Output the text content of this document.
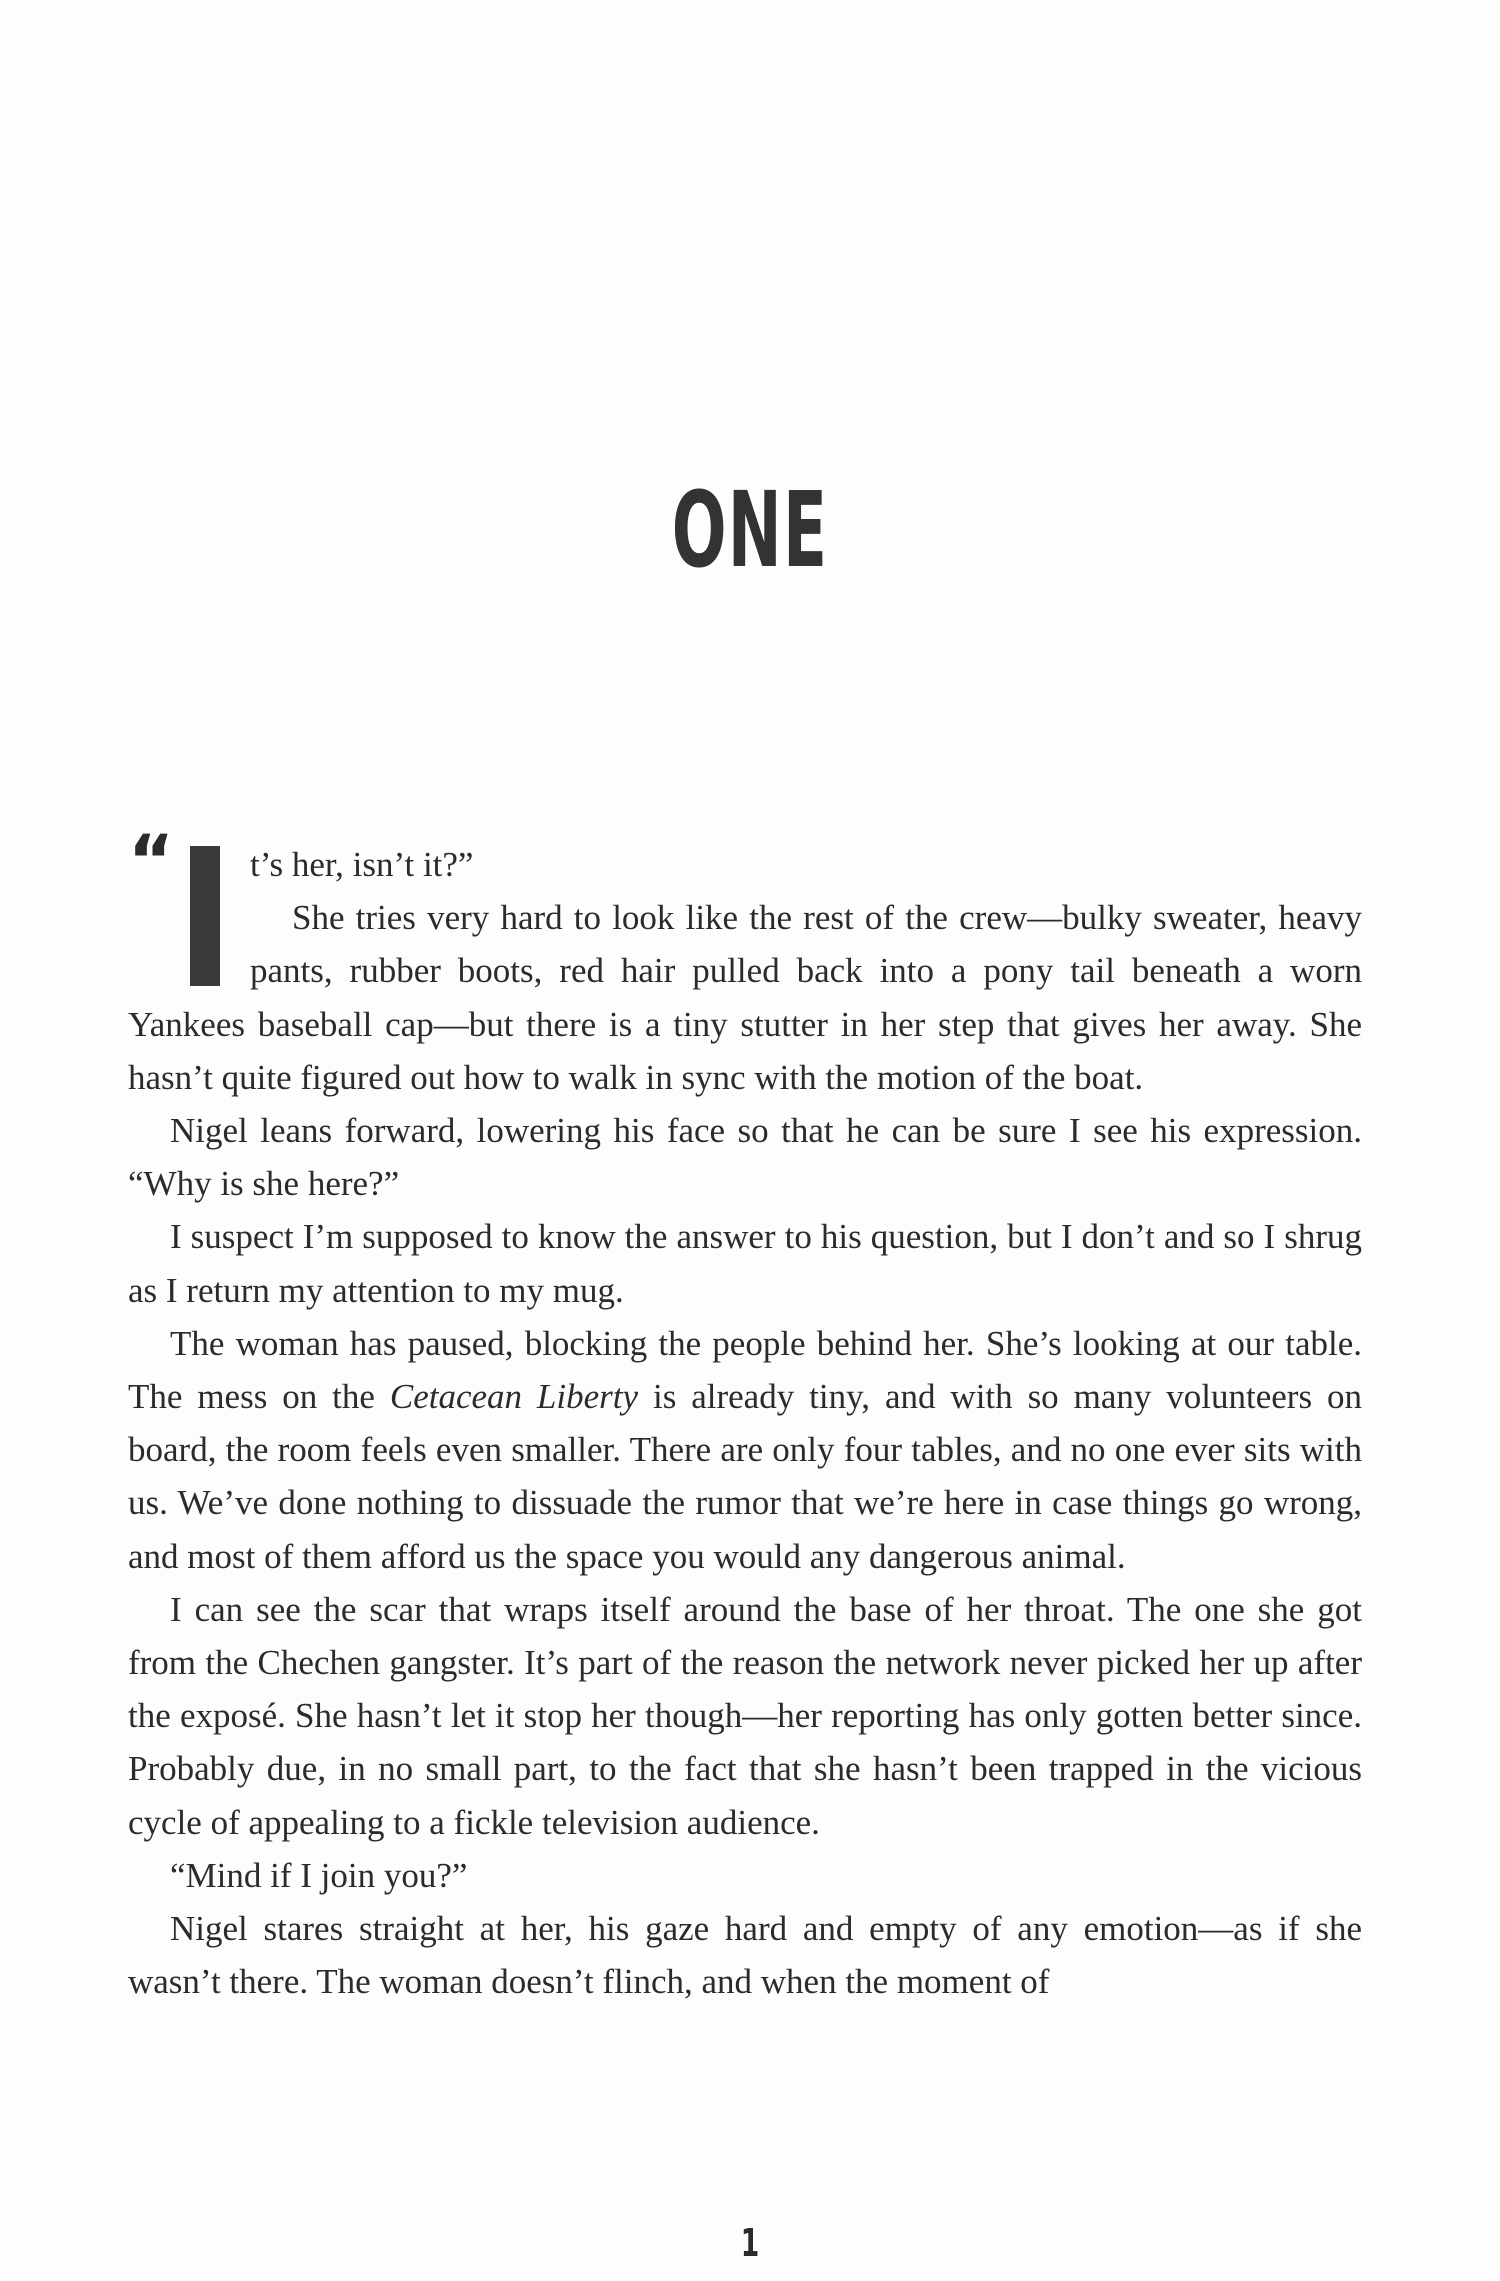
ONE

“ t’s her, isn’t it?”

She tries very hard to look like the rest of the crew—bulky sweater, heavy pants, rubber boots, red hair pulled back into a pony tail beneath a worn Yankees baseball cap—but there is a tiny stutter in her step that gives her away. She hasn’t quite figured out how to walk in sync with the motion of the boat.

Nigel leans forward, lowering his face so that he can be sure I see his expression. “Why is she here?”

I suspect I’m supposed to know the answer to his question, but I don’t and so I shrug as I return my attention to my mug.

The woman has paused, blocking the people behind her. She’s looking at our table. The mess on the Cetacean Liberty is already tiny, and with so many volunteers on board, the room feels even smaller. There are only four tables, and no one ever sits with us. We’ve done nothing to dissuade the rumor that we’re here in case things go wrong, and most of them afford us the space you would any dangerous animal.

I can see the scar that wraps itself around the base of her throat. The one she got from the Chechen gangster. It’s part of the reason the network never picked her up after the exposé. She hasn’t let it stop her though—her reporting has only gotten better since. Probably due, in no small part, to the fact that she hasn’t been trapped in the vicious cycle of appealing to a fickle television audience.

“Mind if I join you?”

Nigel stares straight at her, his gaze hard and empty of any emotion—as if she wasn’t there. The woman doesn’t flinch, and when the moment of

1
